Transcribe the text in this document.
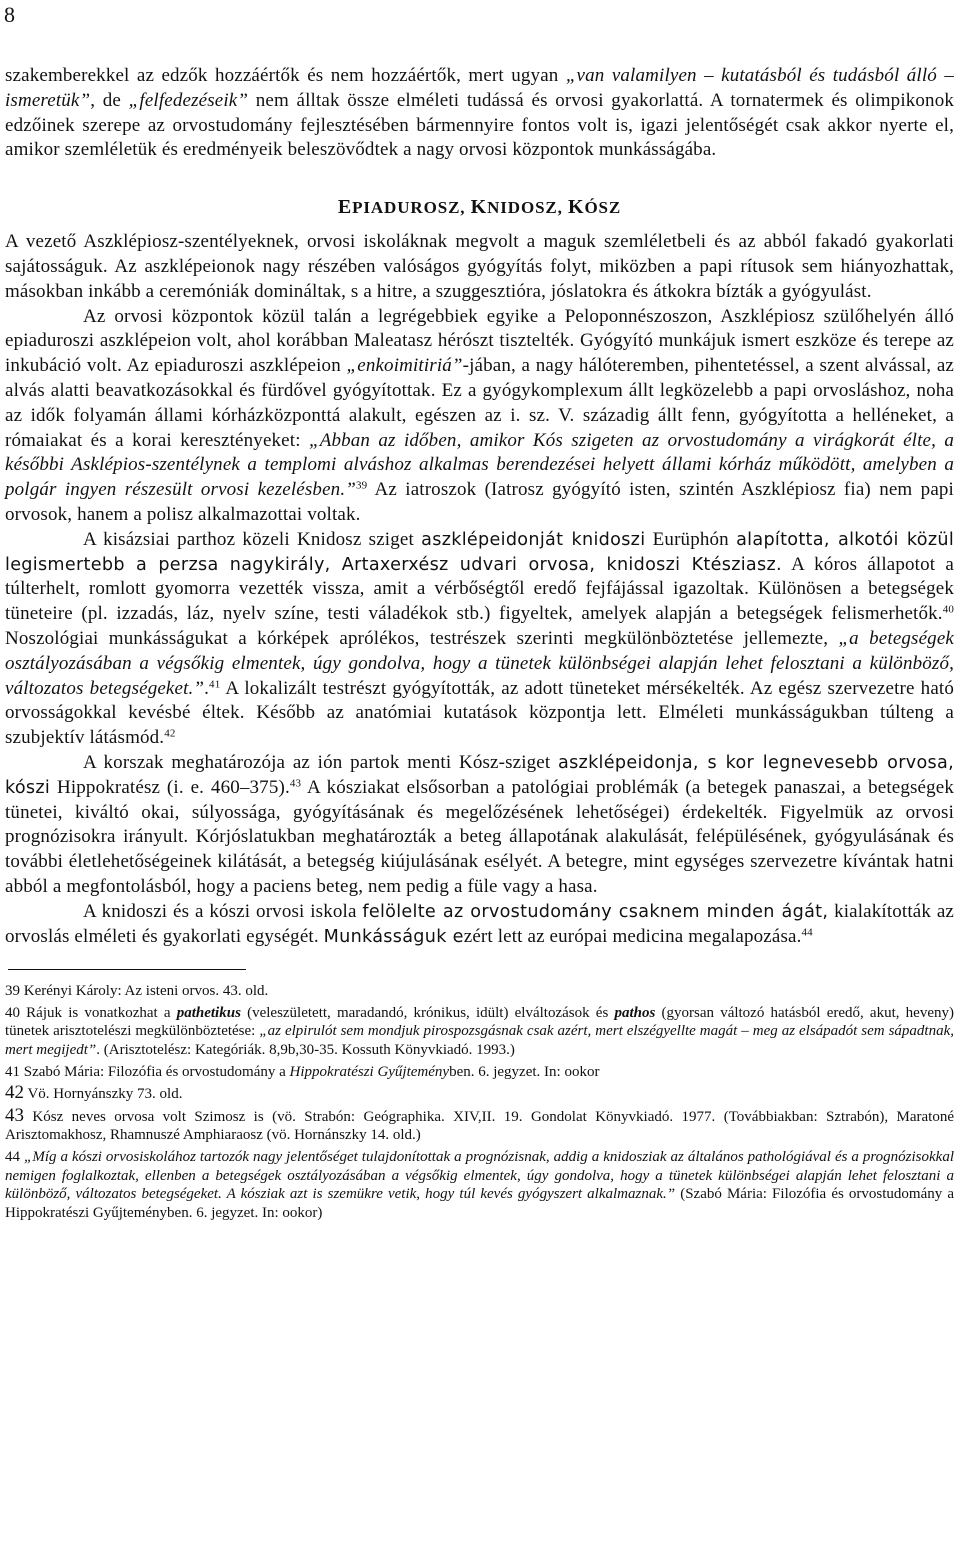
8

szakemberekkel az edzők hozzáértők és nem hozzáértők, mert ugyan „van valamilyen – kutatásból és tudásból álló – ismeretük”, de „felfedezéseik” nem álltak össze elméleti tudássá és orvosi gyakorlattá. A tornatermek és olimpikonok edzőinek szerepe az orvostudomány fejlesztésében bármennyire fontos volt is, igazi jelentőségét csak akkor nyerte el, amikor szemléletük és eredményeik beleszövődtek a nagy orvosi központok munkásságába.

EPIADUROSZ, KNIDOSZ, KÓSZ

A vezető Aszklépiosz-szentélyeknek, orvosi iskoláknak megvolt a maguk szemléletbeli és az abból fakadó gyakorlati sajátosságuk. Az aszklépeionok nagy részében valóságos gyógyítás folyt, miközben a papi rítusok sem hiányozhattak, másokban inkább a ceremóniák domináltak, s a hitre, a szuggesztióra, jóslatokra és átkokra bízták a gyógyulást.

Az orvosi központok közül talán a legrégebbiek egyike a Peloponnészoszon, Aszklépiosz szülőhelyén álló epiaduroszi aszklépeion volt, ahol korábban Maleatasz hérószt tisztelték. Gyógyító munkájuk ismert eszköze és terepe az inkubáció volt. Az epiaduroszi aszklépeion „enkoimitiriá”-jában, a nagy hálóteremben, pihentetéssel, a szent alvással, az alvás alatti beavatkozásokkal és fürdővel gyógyítottak. Ez a gyógykomplexum állt legközelebb a papi orvosláshoz, noha az idők folyamán állami kórházközponttá alakult, egészen az i. sz. V. századig állt fenn, gyógyította a helléneket, a rómaiakat és a korai keresztényeket: „Abban az időben, amikor Kós szigeten az orvostudomány a virágkorát élte, a későbbi Asklépios-szentélynek a templomi alváshoz alkalmas berendezései helyett állami kórház működött, amelyben a polgár ingyen részesült orvosi kezelésben.”$^{39}$ Az iatroszok (Iatrosz gyógyító isten, szintén Aszklépiosz fia) nem papi orvosok, hanem a polisz alkalmazottai voltak.

A kisázsiai parthoz közeli Knidosz sziget aszklépeidonját knidoszi Eurüphón alapította, alkotói közül legismertebb a perzsa nagykirály, Artaxerxész udvari orvosa, knidoszi Ktésziasz. A kóros állapotot a túlterhelt, romlott gyomorra vezették vissza, amit a vérbőségtől eredő fejfájással igazoltak. Különösen a betegségek tüneteire (pl. izzadás, láz, nyelv színe, testi váladékok stb.) figyeltek, amelyek alapján a betegségek felismerhetők.$^{40}$ Noszológiai munkásságukat a kórképek aprólékos, testrészek szerinti megkülönböztetése jellemezte, „a betegségek osztályozásában a végsőkig elmentek, úgy gondolva, hogy a tünetek különbségei alapján lehet felosztani a különböző, változatos betegségeket.”.$^{41}$ A lokalizált testrészt gyógyították, az adott tüneteket mérsékelték. Az egész szervezetre ható orvosságokkal kevésbé éltek. Később az anatómiai kutatások központja lett. Elméleti munkásságukban túlteng a szubjektív látásmód.$^{42}$

A korszak meghatározója az ión partok menti Kósz-sziget aszklépeidonja, s kor legnevesebb orvosa, kószi Hippokratész (i. e. 460–375).$^{43}$ A kósziakat elsősorban a patológiai problémák (a betegek panaszai, a betegségek tünetei, kiváltó okai, súlyossága, gyógyításának és megelőzésének lehetőségei) érdekelték. Figyelmük az orvosi prognózisokra irányult. Kórjóslatukban meghatározták a beteg állapotának alakulását, felépülésének, gyógyulásának és további életlehetőségeinek kilátását, a betegség kiújulásának esélyét. A betegre, mint egységes szervezetre kívántak hatni abból a megfontolásból, hogy a paciens beteg, nem pedig a füle vagy a hasa.

A knidoszi és a kószi orvosi iskola felölelte az orvostudomány csaknem minden ágát, kialakították az orvoslás elméleti és gyakorlati egységét. Munkásságuk ezért lett az európai medicina megalapozása.$^{44}$

39 Kerényi Károly: Az isteni orvos. 43. old.

40 Rájuk is vonatkozhat a pathetikus (veleszületett, maradandó, krónikus, idült) elváltozások és pathos (gyorsan változó hatásból eredő, akut, heveny) tünetek arisztotelészi megkülönböztetése: „az elpirulót sem mondjuk pirospozsgásnak csak azért, mert elszégyellte magát – meg az elsápadót sem sápadtnak, mert megijedt”. (Arisztotelész: Kategóriák. 8,9b,30-35. Kossuth Könyvkiadó. 1993.)

41 Szabó Mária: Filozófia és orvostudomány a Hippokratészi Gyűjteményben. 6. jegyzet. In: ookor

42 Vö. Hornyánszky 73. old.

43 Kósz neves orvosa volt Szimosz is (vö. Strabón: Geógraphika. XIV,II. 19. Gondolat Könyvkiadó. 1977. (Továbbiakban: Sztrabón), Maratoné Arisztomakhosz, Rhamnuszé Amphiaraosz (vö. Hornánszky 14. old.)

44 „Míg a kószi orvosiskolához tartozók nagy jelentőséget tulajdonítottak a prognózisnak, addig a knidosziak az általános pathológiával és a prognózisokkal nemigen foglalkoztak, ellenben a betegségek osztályozásában a végsőkig elmentek, úgy gondolva, hogy a tünetek különbségei alapján lehet felosztani a különböző, változatos betegségeket. A kósziak azt is szemükre vetik, hogy túl kevés gyógyszert alkalmaznak.” (Szabó Mária: Filozófia és orvostudomány a Hippokratészi Gyűjteményben. 6. jegyzet. In: ookor)
